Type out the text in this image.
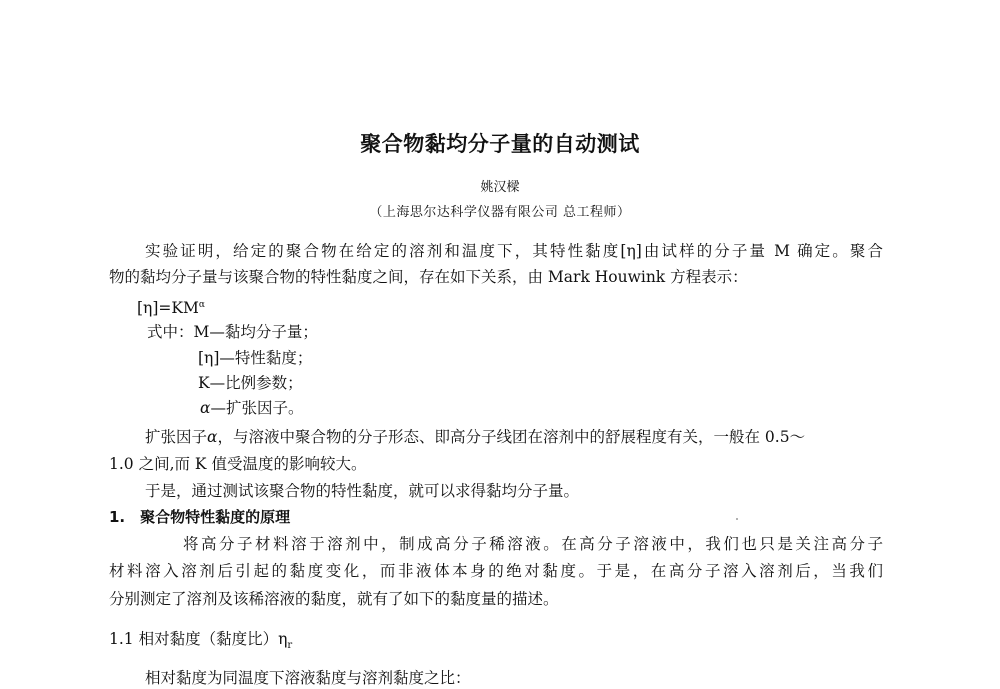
聚合物黏均分子量的自动测试
姚汉樑
（上海思尔达科学仪器有限公司 总工程师）
实验证明，给定的聚合物在给定的溶剂和温度下，其特性黏度[η]由试样的分子量 M 确定。聚合
物的黏均分子量与该聚合物的特性黏度之间，存在如下关系，由 Mark Houwink 方程表示：
$[\eta]=KM^\alpha$
式中：M—黏均分子量；
[η]—特性黏度；
K—比例参数；
α—扩张因子。
扩张因子α，与溶液中聚合物的分子形态、即高分子线团在溶剂中的舒展程度有关，一般在 0.5～
1.0 之间,而 K 值受温度的影响较大。
于是，通过测试该聚合物的特性黏度，就可以求得黏均分子量。
1.　聚合物特性黏度的原理
将高分子材料溶于溶剂中，制成高分子稀溶液。在高分子溶液中，我们也只是关注高分子
材料溶入溶剂后引起的黏度变化，而非液体本身的绝对黏度。于是，在高分子溶入溶剂后，当我们
分别测定了溶剂及该稀溶液的黏度，就有了如下的黏度量的描述。
1.1 相对黏度（黏度比）$\eta_r$
相对黏度为同温度下溶液黏度与溶剂黏度之比：
